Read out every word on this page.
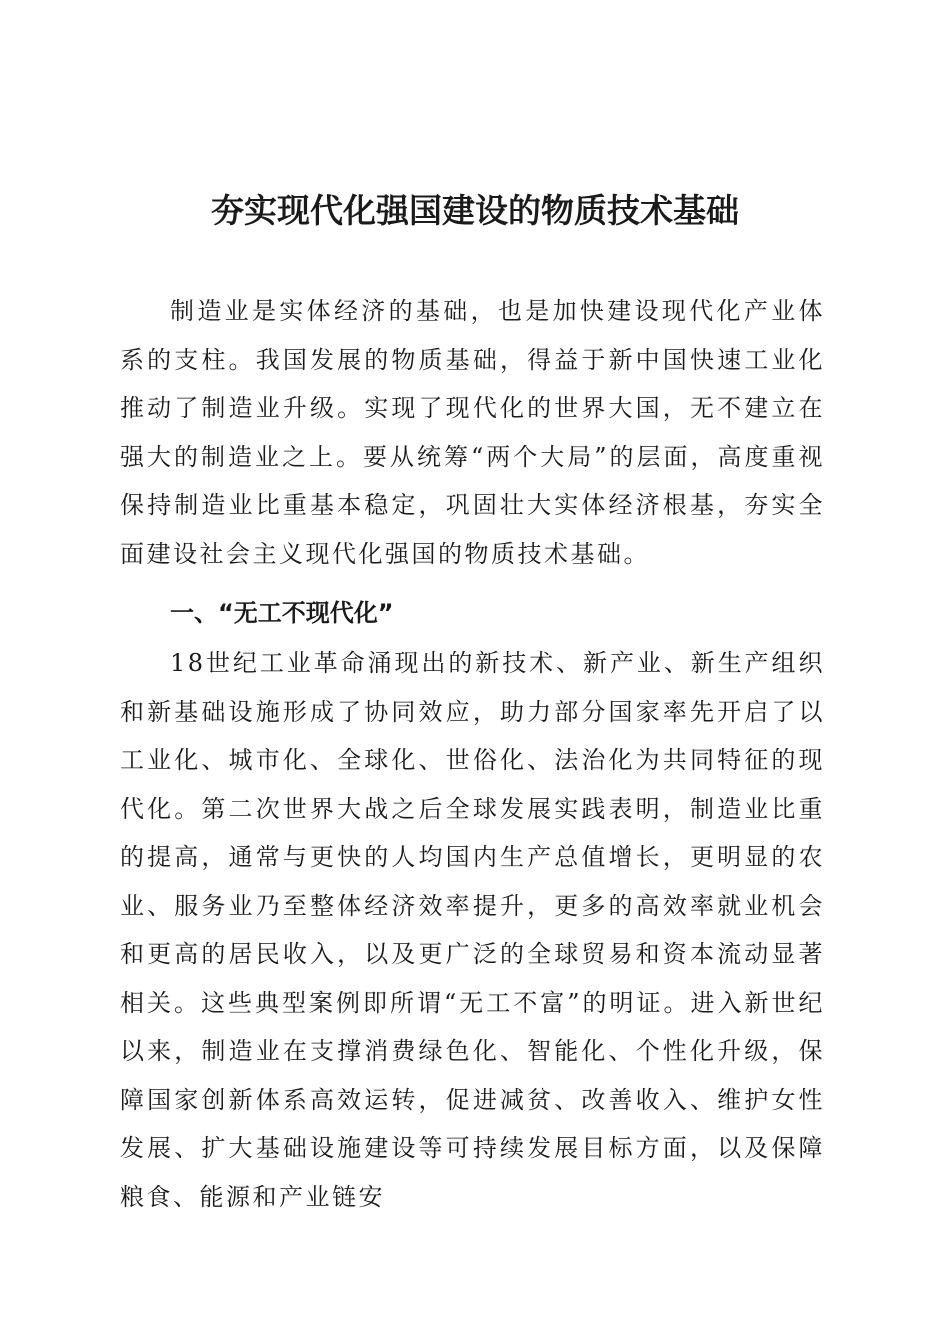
夯实现代化强国建设的物质技术基础

制造业是实体经济的基础，也是加快建设现代化产业体系的支柱。我国发展的物质基础，得益于新中国快速工业化推动了制造业升级。实现了现代化的世界大国，无不建立在强大的制造业之上。要从统筹“两个大局”的层面，高度重视保持制造业比重基本稳定，巩固壮大实体经济根基，夯实全面建设社会主义现代化强国的物质技术基础。

一、“无工不现代化”

18世纪工业革命涌现出的新技术、新产业、新生产组织和新基础设施形成了协同效应，助力部分国家率先开启了以工业化、城市化、全球化、世俗化、法治化为共同特征的现代化。第二次世界大战之后全球发展实践表明，制造业比重的提高，通常与更快的人均国内生产总值增长，更明显的农业、服务业乃至整体经济效率提升，更多的高效率就业机会和更高的居民收入，以及更广泛的全球贸易和资本流动显著相关。这些典型案例即所谓“无工不富”的明证。进入新世纪以来，制造业在支撑消费绿色化、智能化、个性化升级，保障国家创新体系高效运转，促进减贫、改善收入、维护女性发展、扩大基础设施建设等可持续发展目标方面，以及保障粮食、能源和产业链安
